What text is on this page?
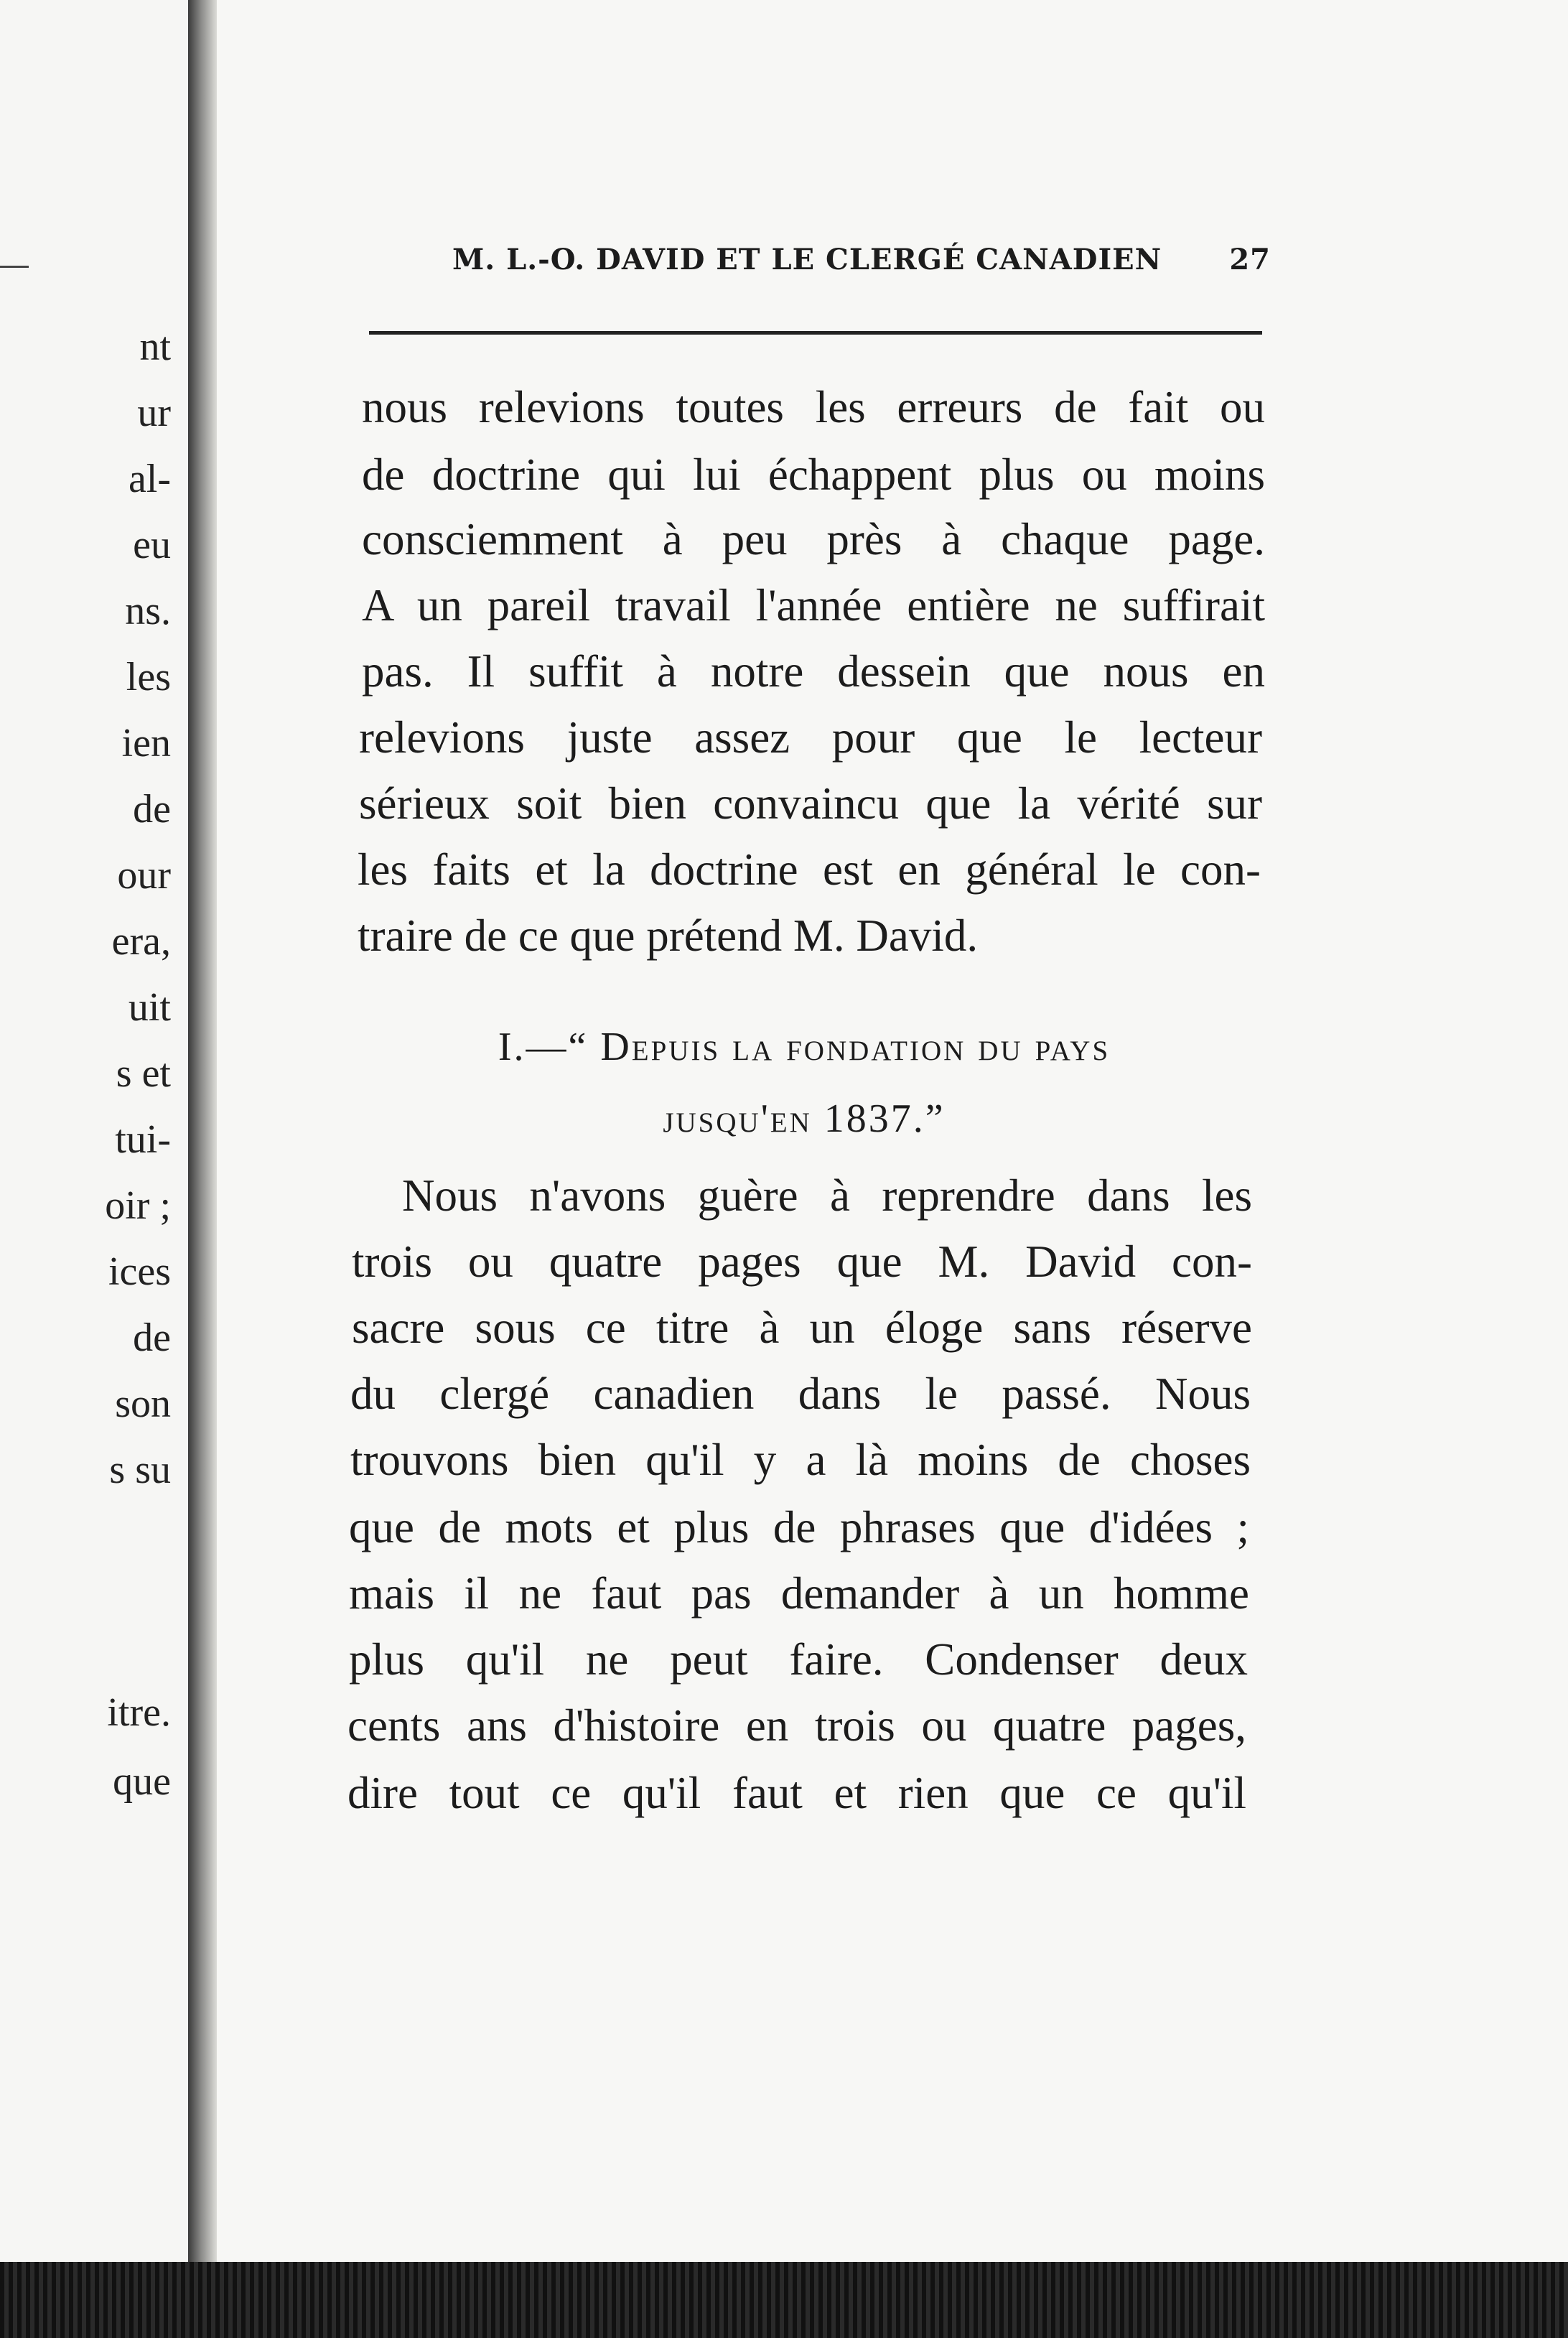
nt

ur

al-

eu

ns.

les

ien

de

our

era,

uit

s et

tui-

oir ;

ices

de

son

s su

itre.

que

M. L.-O. DAVID ET LE CLERGÉ CANADIEN 27

nous relevions toutes les erreurs de fait ou

de doctrine qui lui échappent plus ou moins

consciemment à peu près à chaque page.

A un pareil travail l'année entière ne suffirait

pas. Il suffit à notre dessein que nous en

relevions juste assez pour que le lecteur

sérieux soit bien convaincu que la vérité sur

les faits et la doctrine est en général le con-

traire de ce que prétend M. David.

I.—“ Depuis la fondation du pays

jusqu'en 1837.”

Nous n'avons guère à reprendre dans les

trois ou quatre pages que M. David con-

sacre sous ce titre à un éloge sans réserve

du clergé canadien dans le passé. Nous

trouvons bien qu'il y a là moins de choses

que de mots et plus de phrases que d'idées ;

mais il ne faut pas demander à un homme

plus qu'il ne peut faire. Condenser deux

cents ans d'histoire en trois ou quatre pages,

dire tout ce qu'il faut et rien que ce qu'il
